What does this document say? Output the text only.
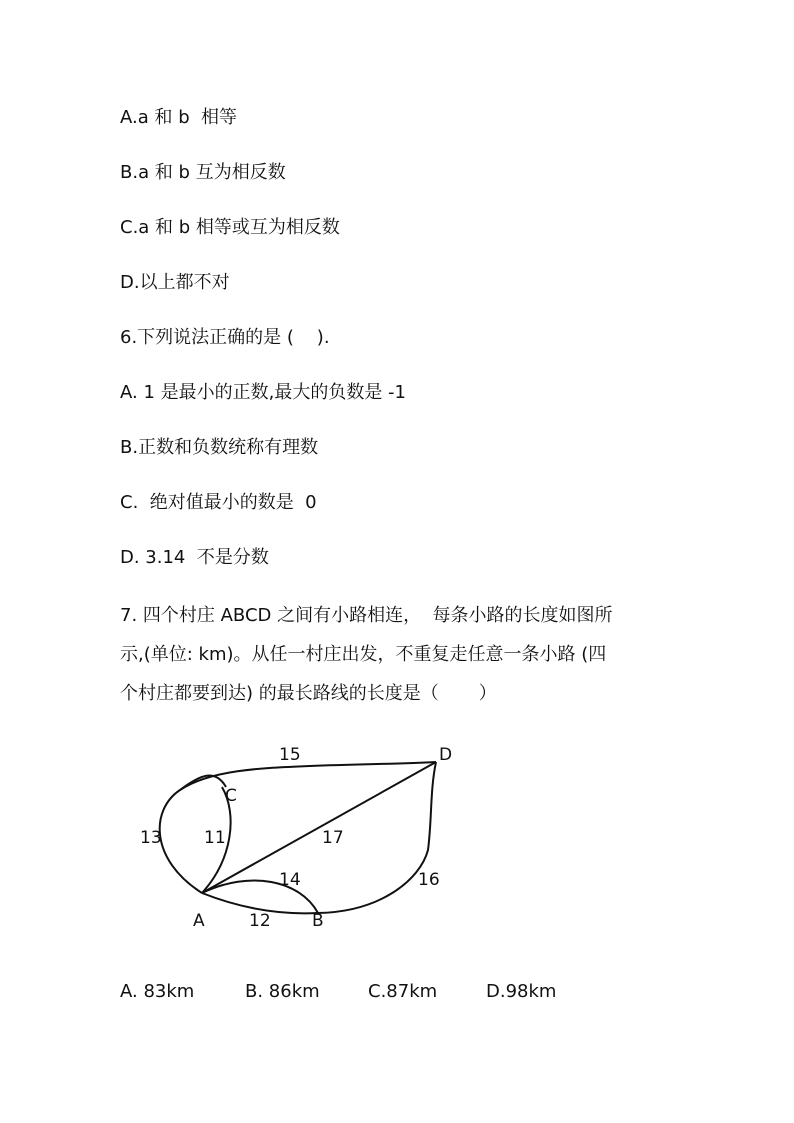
A.a 和 b  相等
B.a 和 b 互为相反数
C.a 和 b 相等或互为相反数
D.以上都不对
6.下列说法正确的是 (    ).
A. 1 是最小的正数,最大的负数是 -1
B.正数和负数统称有理数
C.  绝对值最小的数是  0
D. 3.14  不是分数
7. 四个村庄 ABCD 之间有小路相连，  每条小路的长度如图所
示,(单位: km)。从任一村庄出发，不重复走任意一条小路 (四
个村庄都要到达) 的最长路线的长度是（       ）
D
C
A	B
15
13 11	17
14	16
12
A. 83km	B. 86km	C.87km	D.98km
